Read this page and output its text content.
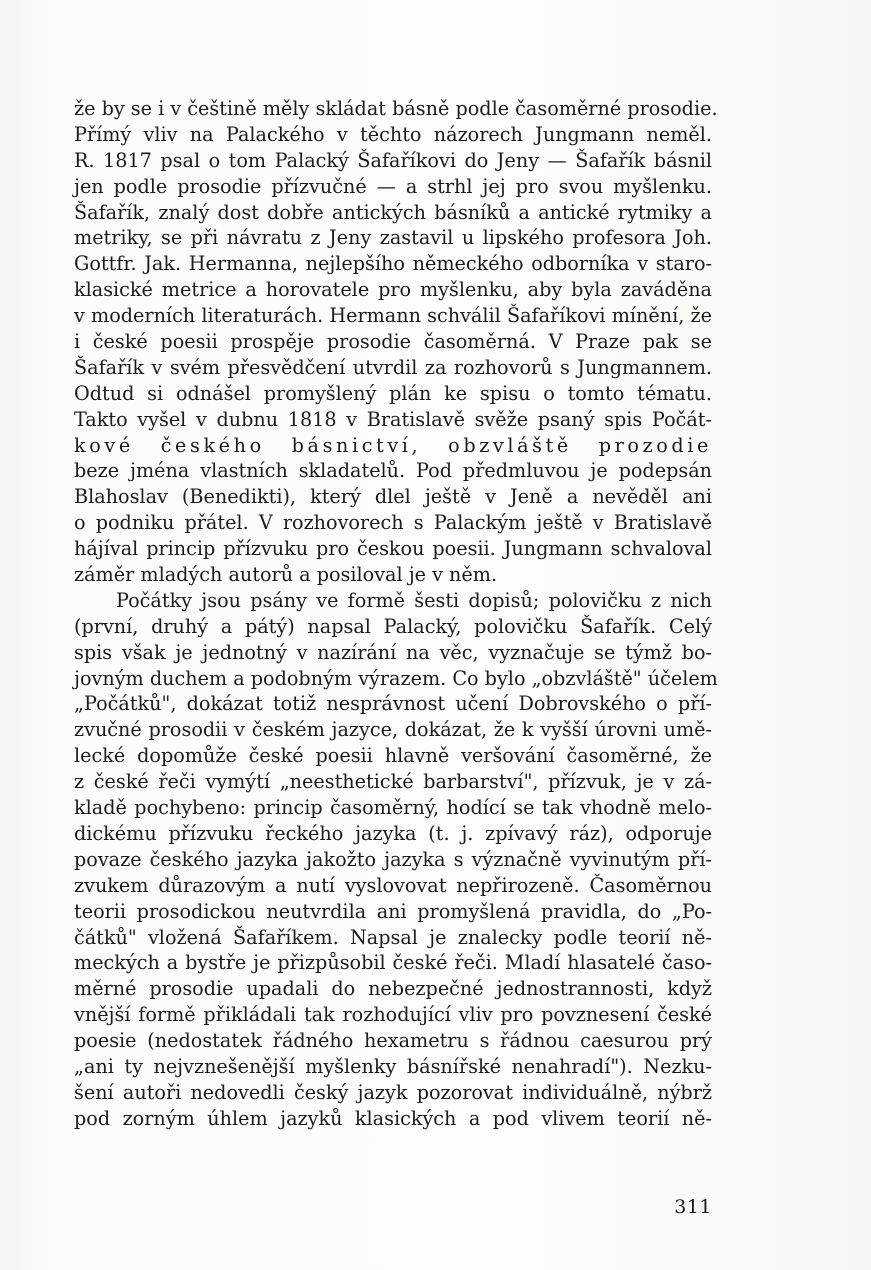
že by se i v češtině měly skládat básně podle časoměrné prosodie.
Přímý vliv na Palackého v těchto názorech Jungmann neměl.
R. 1817 psal o tom Palacký Šafaříkovi do Jeny — Šafařík básnil
jen podle prosodie přízvučné — a strhl jej pro svou myšlenku.
Šafařík, znalý dost dobře antických básníků a antické rytmiky a
metriky, se při návratu z Jeny zastavil u lipského profesora Joh.
Gottfr. Jak. Hermanna, nejlepšího německého odborníka v staro-
klasické metrice a horovatele pro myšlenku, aby byla zaváděna
v moderních literaturách. Hermann schválil Šafaříkovi mínění, že
i české poesii prospěje prosodie časoměrná. V Praze pak se
Šafařík v svém přesvědčení utvrdil za rozhovorů s Jungmannem.
Odtud si odnášel promyšlený plán ke spisu o tomto tématu.
Takto vyšel v dubnu 1818 v Bratislavě svěže psaný spis Počát-
kové českého básnictví, obzvláště prozodie
beze jména vlastních skladatelů. Pod předmluvou je podepsán
Blahoslav (Benedikti), který dlel ještě v Jeně a nevěděl ani
o podniku přátel. V rozhovorech s Palackým ještě v Bratislavě
hájíval princip přízvuku pro českou poesii. Jungmann schvaloval
záměr mladých autorů a posiloval je v něm.
Počátky jsou psány ve formě šesti dopisů; polovičku z nich
(první, druhý a pátý) napsal Palacký, polovičku Šafařík. Celý
spis však je jednotný v nazírání na věc, vyznačuje se týmž bo-
jovným duchem a podobným výrazem. Co bylo „obzvláště" účelem
„Počátků", dokázat totiž nesprávnost učení Dobrovského o pří-
zvučné prosodii v českém jazyce, dokázat, že k vyšší úrovni umě-
lecké dopomůže české poesii hlavně veršování časoměrné, že
z české řeči vymýtí „neesthetické barbarství", přízvuk, je v zá-
kladě pochybeno: princip časoměrný, hodící se tak vhodně melo-
dickému přízvuku řeckého jazyka (t. j. zpívavý ráz), odporuje
povaze českého jazyka jakožto jazyka s význačně vyvinutým pří-
zvukem důrazovým a nutí vyslovovat nepřirozeně. Časoměrnou
teorii prosodickou neutvrdila ani promyšlená pravidla, do „Po-
čátků" vložená Šafaříkem. Napsal je znalecky podle teorií ně-
meckých a bystře je přizpůsobil české řeči. Mladí hlasatelé časo-
měrné prosodie upadali do nebezpečné jednostrannosti, když
vnější formě přikládali tak rozhodující vliv pro povznesení české
poesie (nedostatek řádného hexametru s řádnou caesurou prý
„ani ty nejvznešenější myšlenky básnířské nenahradí"). Nezku-
šení autoři nedovedli český jazyk pozorovat individuálně, nýbrž
pod zorným úhlem jazyků klasických a pod vlivem teorií ně-
311
